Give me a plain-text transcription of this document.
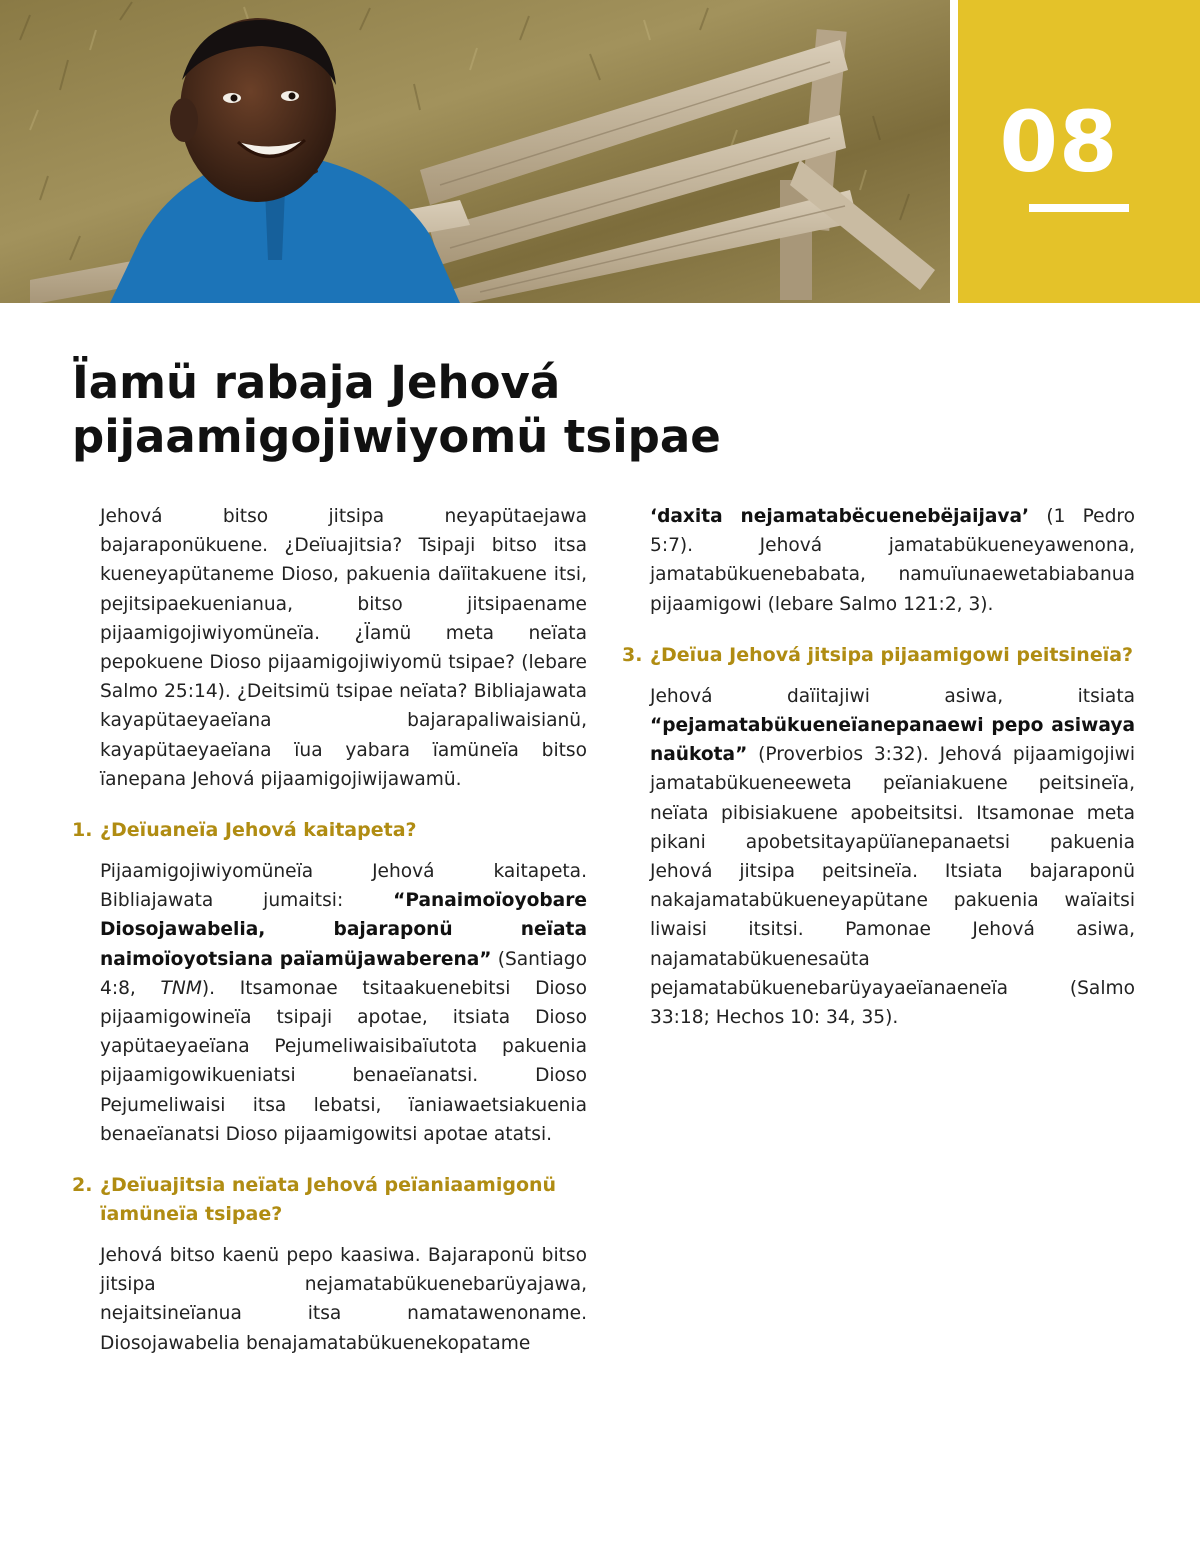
08
Ïamü rabaja Jehová
pijaamigojiwiyomü tsipae

Jehová bitso jitsipa neyapütaejawa bajaraponükuene. ¿Deïuajitsia? Tsipaji bitso itsa kueneyapütaneme Dioso, pakuenia daïitakuene itsi, pejitsipaekuenianua, bitso jitsipaename pijaamigojiwiyomüneïa. ¿Ïamü meta neïata pepokuene Dioso pijaamigojiwiyomü tsipae? (lebare Salmo 25:14). ¿Deitsimü tsipae neïata? Bibliajawata kayapütaeyaeïana bajarapaliwaisianü, kayapütaeyaeïana ïua yabara ïamüneïa bitso ïanepana Jehová pijaamigojiwijawamü.

1. ¿Deïuaneïa Jehová kaitapeta?

Pijaamigojiwiyomüneïa Jehová kaitapeta. Bibliajawata jumaitsi: “Panaimoïoyobare Diosojawabelia, bajaraponü neïata naimoïoyotsiana païamüjawaberena” (Santiago 4:8, TNM). Itsamonae tsitaakuenebitsi Dioso pijaamigowineïa tsipaji apotae, itsiata Dioso yapütaeyaeïana Pejumeliwaisibaïutota pakuenia pijaamigowikueniatsi benaeïanatsi. Dioso Pejumeliwaisi itsa lebatsi, ïaniawaetsiakuenia benaeïanatsi Dioso pijaamigowitsi apotae atatsi.

2. ¿Deïuajitsia neïata Jehová peïaniaamigonü ïamüneïa tsipae?

Jehová bitso kaenü pepo kaasiwa. Bajaraponü bitso jitsipa nejamatabükuenebarüyajawa, nejaitsineïanua itsa namatawenoname. Diosojawabelia benajamatabükuenekopatame

‘daxita nejamatabëcuenebëjaijava’ (1 Pedro 5:7). Jehová jamatabükueneyawenona, jamatabükuenebabata, namuïunaewetabiabanua pijaamigowi (lebare Salmo 121:2, 3).

3. ¿Deïua Jehová jitsipa pijaamigowi peitsineïa?

Jehová daïitajiwi asiwa, itsiata “pejamatabükueneïanepanaewi pepo asiwaya naükota” (Proverbios 3:32). Jehová pijaamigojiwi jamatabükueneeweta peïaniakuene peitsineïa, neïata pibisiakuene apobeitsitsi. Itsamonae meta pikani apobetsitayapüïanepanaetsi pakuenia Jehová jitsipa peitsineïa. Itsiata bajaraponü nakajamatabükueneyapütane pakuenia waïaitsi liwaisi itsitsi. Pamonae Jehová asiwa, najamatabükuenesaüta pejamatabükuenebarüyayaeïanaeneïa (Salmo 33:18; Hechos 10: 34, 35).
